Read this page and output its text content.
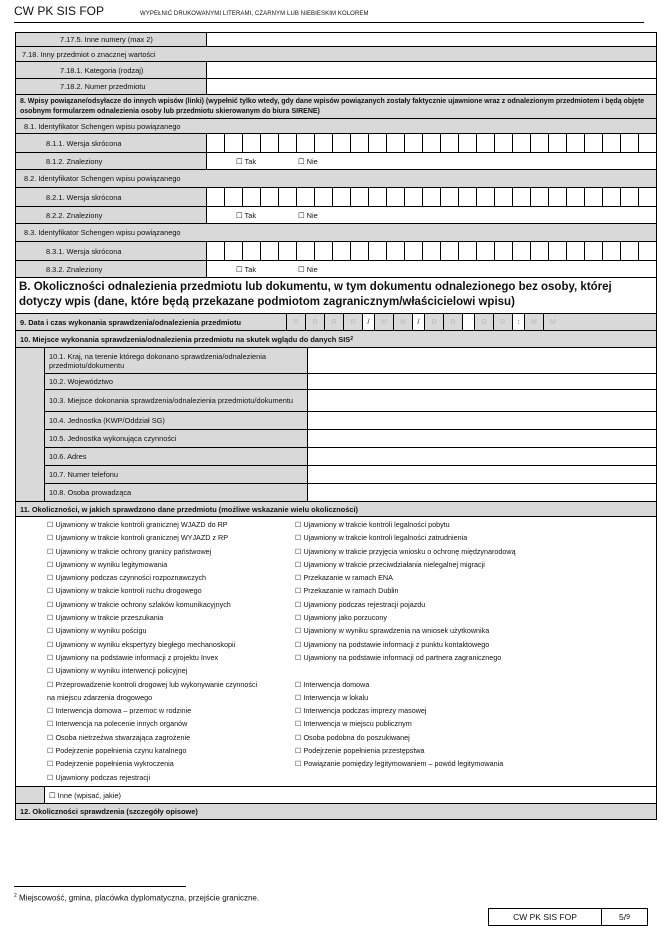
CW PK SIS FOP	WYPEŁNIĆ DRUKOWANYMI LITERAMI, CZARNYM LUB NIEBIESKIM KOLOREM
7.17.5. Inne numery (max 2)
7.18. Inny przedmiot o znacznej wartości
7.18.1. Kategoria (rodzaj)
7.18.2. Numer przedmiotu
8. Wpisy powiązane/odsyłacze do innych wpisów (linki) (wypełnić tylko wtedy, gdy dane wpisów powiązanych zostały faktycznie ujawnione wraz z odnalezionym przedmiotem i będą objęte osobnym formularzem odnalezienia osoby lub przedmiotu skierowanym do biura SIRENE)
8.1. Identyfikator Schengen wpisu powiązanego
8.1.1. Wersja skrócona
8.1.2. Znaleziony	☐ Tak	☐ Nie
8.2. Identyfikator Schengen wpisu powiązanego
8.2.1. Wersja skrócona
8.2.2. Znaleziony	☐ Tak	☐ Nie
8.3. Identyfikator Schengen wpisu powiązanego
8.3.1. Wersja skrócona
8.3.2. Znaleziony	☐ Tak	☐ Nie
B. Okoliczności odnalezienia przedmiotu lub dokumentu, w tym dokumentu odnalezionego bez osoby, której dotyczy wpis (dane, które będą przekazane podmiotom zagranicznym/właścicielowi wpisu)
9. Data i czas wykonania sprawdzenia/odnalezienia przedmiotu	R	R	R	R	/	M	M	/	D	D	G	G	:	M	M
10. Miejsce wykonania sprawdzenia/odnalezienia przedmiotu na skutek wglądu do danych SIS 2
10.1. Kraj, na terenie którego dokonano sprawdzenia/odnalezienia przedmiotu/dokumentu
10.2. Województwo
10.3. Miejsce dokonania sprawdzenia/odnalezienia przedmiotu/dokumentu
10.4. Jednostka (KWP/Oddział SG)
10.5. Jednostka wykonująca czynności
10.6. Adres
10.7. Numer telefonu
10.8. Osoba prowadząca
11. Okoliczności, w jakich sprawdzono dane przedmiotu (możliwe wskazanie wielu okoliczności)
☐ Ujawniony w trakcie kontroli granicznej WJAZD do RP
☐ Ujawniony w trakcie kontroli granicznej WYJAZD z RP
☐ Ujawniony w trakcie ochrony granicy państwowej
☐ Ujawniony w wyniku legitymowania
☐ Ujawniony podczas czynności rozpoznawczych
☐ Ujawniony w trakcie kontroli ruchu drogowego
☐ Ujawniony w trakcie ochrony szlaków komunikacyjnych
☐ Ujawniony w trakcie przeszukania
☐ Ujawniony w wyniku pościgu
☐ Ujawniony w wyniku ekspertyzy biegłego mechanoskopii
☐ Ujawniony na podstawie informacji z projektu Invex
☐ Ujawniony w wyniku interwencji policyjnej
☐ Przeprowadzenie kontroli drogowej lub wykonywanie czynności
na miejscu zdarzenia drogowego
☐ Interwencja domowa – przemoc w rodzinie
☐ Interwencja na polecenie innych organów
☐ Osoba nietrzeźwa stwarzająca zagrożenie
☐ Podejrzenie popełnienia czynu karalnego
☐ Podejrzenie popełnienia wykroczenia
☐ Ujawniony podczas rejestracji
☐ Ujawniony w trakcie kontroli legalności pobytu
☐ Ujawniony w trakcie kontroli legalności zatrudnienia
☐ Ujawniony w trakcie przyjęcia wniosku o ochronę międzynarodową
☐ Ujawniony w trakcie przeciwdziałania nielegalnej migracji
☐ Przekazanie w ramach ENA
☐ Przekazanie w ramach Dublin
☐ Ujawniony podczas rejestracji pojazdu
☐ Ujawniony jako porzucony
☐ Ujawniony w wyniku sprawdzenia na wniosek użytkownika
☐ Ujawniony na podstawie informacji z punktu kontaktowego
☐ Ujawniony na podstawie informacji od partnera zagranicznego

☐ Interwencja domowa
☐ Interwencja w lokalu
☐ Interwencja podczas imprezy masowej
☐ Interwencja w miejscu publicznym
☐ Osoba podobna do poszukiwanej
☐ Podejrzenie popełnienia przestępstwa
☐ Powiązanie pomiędzy legitymowaniem – powód legitymowania

☐ Inne (wpisać, jakie)
12. Okoliczności sprawdzenia (szczegóły opisowe)
$^2$ Miejscowość, gmina, placówka dyplomatyczna, przejście graniczne.
CW PK SIS FOP	5/ 9
